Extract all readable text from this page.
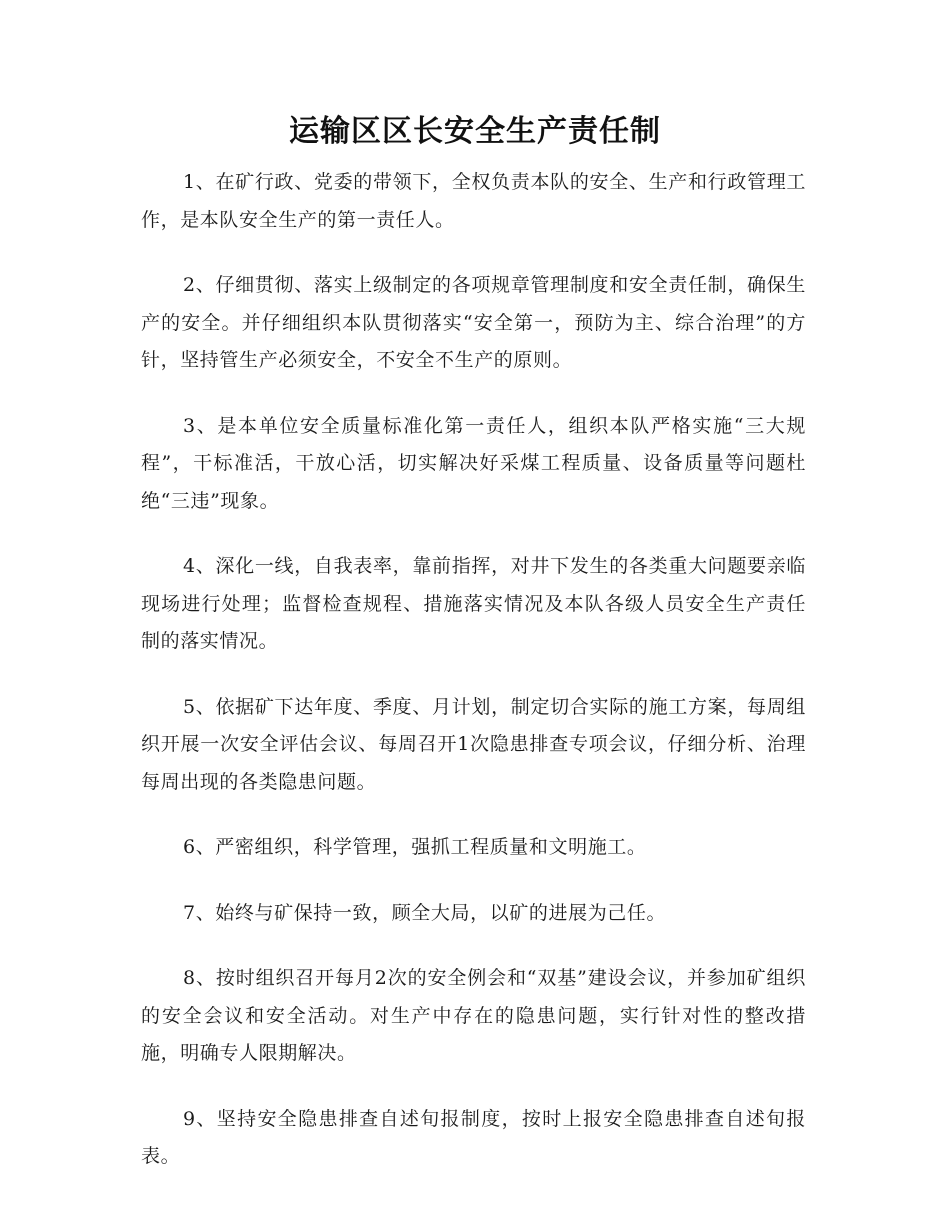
运输区区长安全生产责任制

1、在矿行政、党委的带领下，全权负责本队的安全、生产和行政管理工作，是本队安全生产的第一责任人。

2、仔细贯彻、落实上级制定的各项规章管理制度和安全责任制，确保生产的安全。并仔细组织本队贯彻落实“安全第一，预防为主、综合治理”的方针，坚持管生产必须安全，不安全不生产的原则。

3、是本单位安全质量标准化第一责任人，组织本队严格实施“三大规程”，干标准活，干放心活，切实解决好采煤工程质量、设备质量等问题杜绝“三违”现象。

4、深化一线，自我表率，靠前指挥，对井下发生的各类重大问题要亲临现场进行处理；监督检查规程、措施落实情况及本队各级人员安全生产责任制的落实情况。

5、依据矿下达年度、季度、月计划，制定切合实际的施工方案，每周组织开展一次安全评估会议、每周召开1次隐患排查专项会议，仔细分析、治理每周出现的各类隐患问题。

6、严密组织，科学管理，强抓工程质量和文明施工。

7、始终与矿保持一致，顾全大局，以矿的进展为己任。

8、按时组织召开每月2次的安全例会和“双基”建设会议，并参加矿组织的安全会议和安全活动。对生产中存在的隐患问题，实行针对性的整改措施，明确专人限期解决。

9、坚持安全隐患排查自述旬报制度，按时上报安全隐患排查自述旬报表。
